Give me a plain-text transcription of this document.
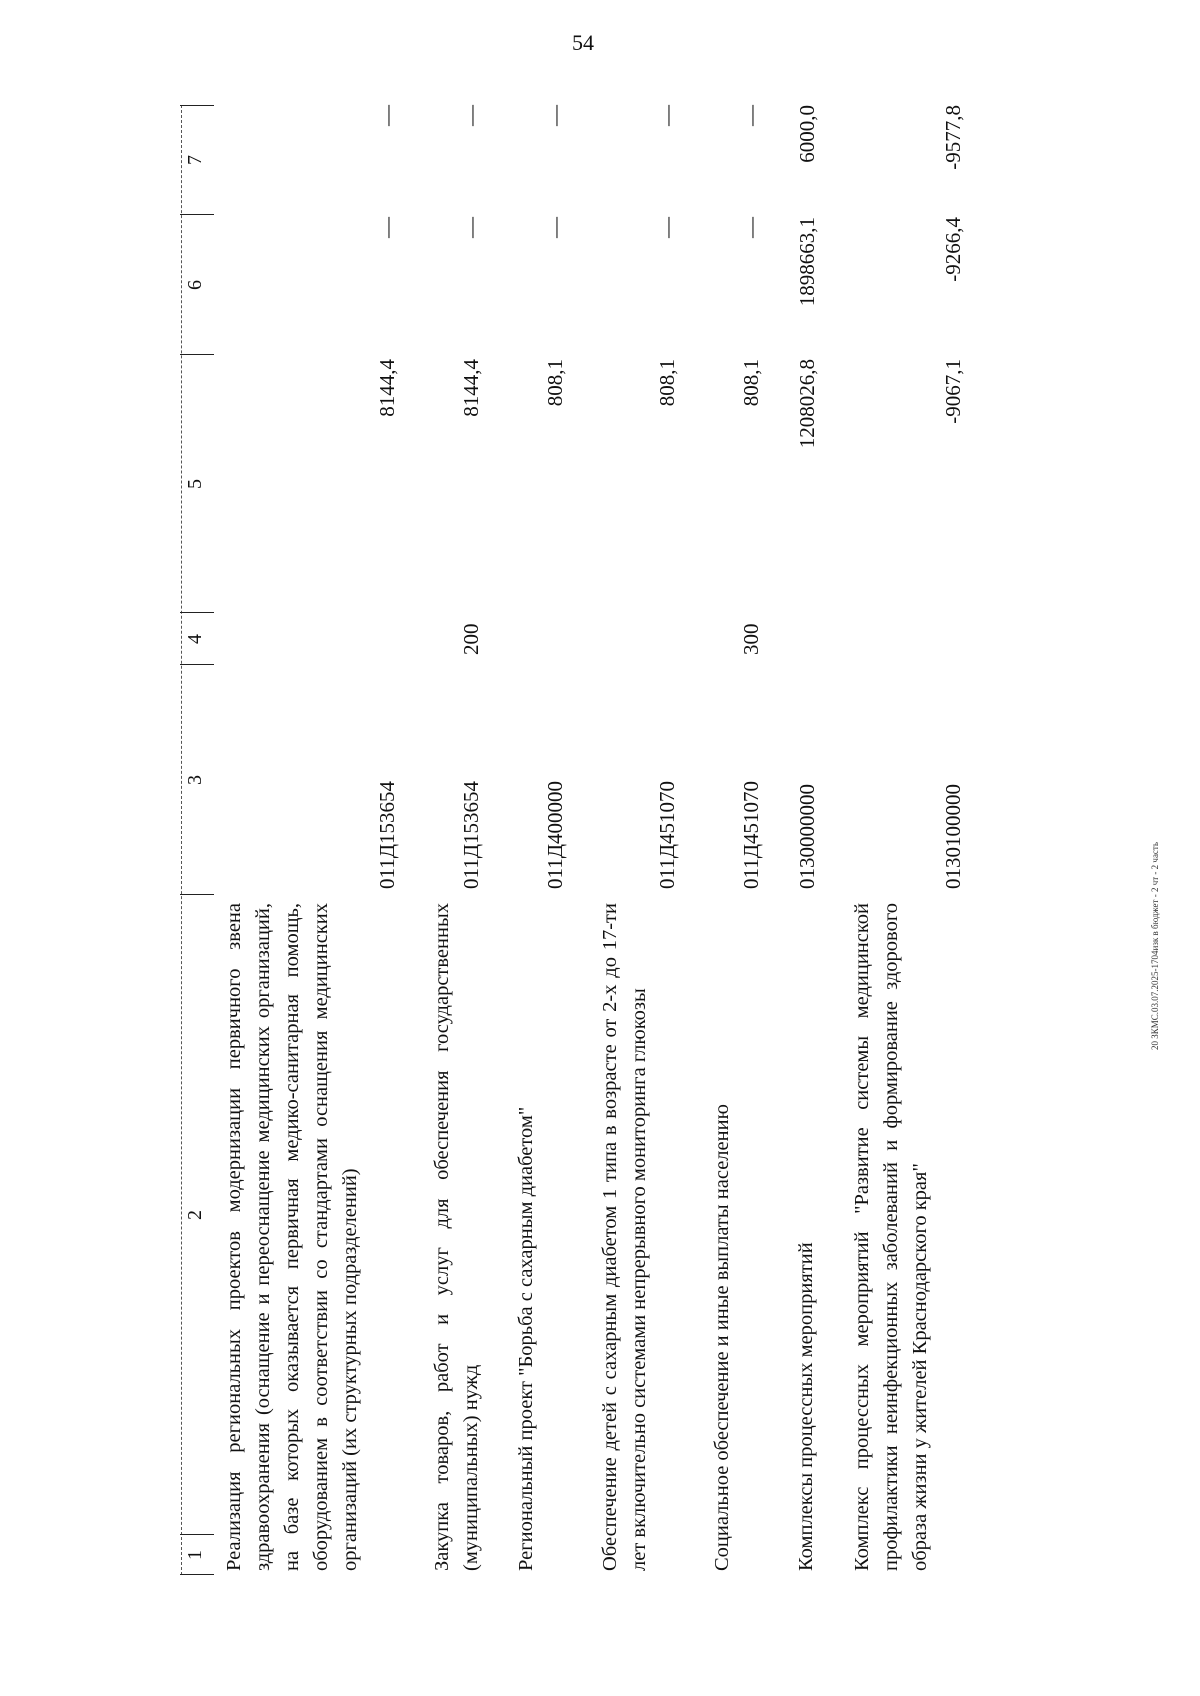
54
1
2
3
4
5
6
7
Реализация региональных проектов модернизации первичного звена здравоохранения (оснащение и переоснащение медицинских организаций, на базе которых оказывается первичная медико-санитарная помощь, оборудованием в соответствии со стандартами оснащения медицинских организаций (их структурных подразделений)
011Д153654
8144,4
—
—
Закупка товаров, работ и услуг для обеспечения государственных (муниципальных) нужд
011Д153654
200
8144,4
—
—
Региональный проект "Борьба с сахарным диабетом"
011Д400000
808,1
—
—
Обеспечение детей с сахарным диабетом 1 типа в возрасте от 2-х до 17-ти лет включительно системами непрерывного мониторинга глюкозы
011Д451070
808,1
—
—
Социальное обеспечение и иные выплаты населению
011Д451070
300
808,1
—
—
Комплексы процессных мероприятий
0130000000
1208026,8
1898663,1
6000,0
Комплекс процессных мероприятий "Развитие системы медицинской профилактики неинфекционных заболеваний и формирование здорового образа жизни у жителей Краснодарского края"
0130100000
-9067,1
-9266,4
-9577,8
20 ЗКМС.03.07.2025-1704изк в бюджет - 2 чт - 2 часть
